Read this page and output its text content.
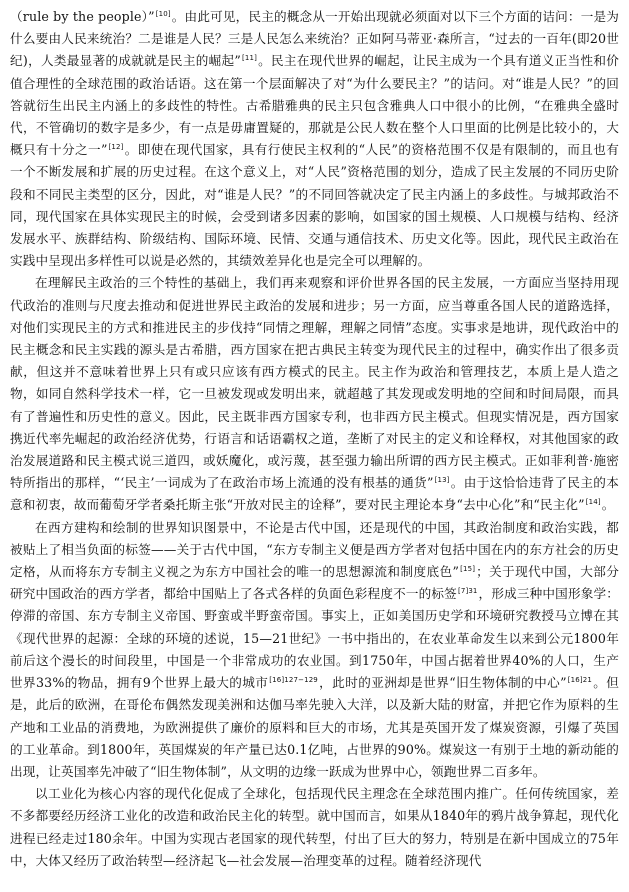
（rule by the people）”[10]。由此可见，民主的概念从一开始出现就必须面对以下三个方面的诘问：一是为什么要由人民来统治？二是谁是人民？三是人民怎么来统治？正如阿马蒂亚·森所言，“过去的一百年(即20世纪)，人类最显著的成就就是民主的崛起”[11]。民主在现代世界的崛起，让民主成为一个具有道义正当性和价值合理性的全球范围的政治话语。这在第一个层面解决了对“为什么要民主？”的诘问。对“谁是人民？”的回答就衍生出民主内涵上的多歧性的特性。古希腊雅典的民主只包含雅典人口中很小的比例，“在雅典全盛时代，不管确切的数字是多少，有一点是毋庸置疑的，那就是公民人数在整个人口里面的比例是比较小的，大概只有十分之一”[12]。即使在现代国家，具有行使民主权利的“人民”的资格范围不仅是有限制的，而且也有一个不断发展和扩展的历史过程。在这个意义上，对“人民”资格范围的划分，造成了民主发展的不同历史阶段和不同民主类型的区分，因此，对“谁是人民？”的不同回答就决定了民主内涵上的多歧性。与城邦政治不同，现代国家在具体实现民主的时候，会受到诸多因素的影响，如国家的国土规模、人口规模与结构、经济发展水平、族群结构、阶级结构、国际环境、民情、交通与通信技术、历史文化等。因此，现代民主政治在实践中呈现出多样性可以说是必然的，其绩效差异化也是完全可以理解的。

在理解民主政治的三个特性的基础上，我们再来观察和评价世界各国的民主发展，一方面应当坚持用现代政治的准则与尺度去推动和促进世界民主政治的发展和进步；另一方面，应当尊重各国人民的道路选择，对他们实现民主的方式和推进民主的步伐持“同情之理解，理解之同情”态度。实事求是地讲，现代政治中的民主概念和民主实践的源头是古希腊，西方国家在把古典民主转变为现代民主的过程中，确实作出了很多贡献，但这并不意味着世界上只有或只应该有西方模式的民主。民主作为政治和管理技艺，本质上是人造之物，如同自然科学技术一样，它一旦被发现或发明出来，就超越了其发现或发明地的空间和时间局限，而具有了普遍性和历史性的意义。因此，民主既非西方国家专利，也非西方民主模式。但现实情况是，西方国家携近代率先崛起的政治经济优势，行语言和话语霸权之道，垄断了对民主的定义和诠释权，对其他国家的政治发展道路和民主模式说三道四，或妖魔化，或污蔑，甚至强力输出所谓的西方民主模式。正如菲利普·施密特所指出的那样，“‘民主’一词成为了在政治市场上流通的没有根基的通货”[13]。由于这恰恰违背了民主的本意和初衷，故而葡萄牙学者桑托斯主张“开放对民主的诠释”，要对民主理论本身“去中心化”和“民主化”[14]。

在西方建构和绘制的世界知识图景中，不论是古代中国，还是现代的中国，其政治制度和政治实践，都被贴上了相当负面的标签——关于古代中国，“东方专制主义便是西方学者对包括中国在内的东方社会的历史定格，从而将东方专制主义视之为东方中国社会的唯一的思想源流和制度底色”[15]；关于现代中国，大部分研究中国政治的西方学者，都给中国贴上了各式各样的负面色彩程度不一的标签$^{[7]31}$，形成三种中国形象学：停滞的帝国、东方专制主义帝国、野蛮或半野蛮帝国。事实上，正如美国历史学和环境研究教授马立博在其《现代世界的起源：全球的环境的述说，15—21世纪》一书中指出的，在农业革命发生以来到公元1800年前后这个漫长的时间段里，中国是一个非常成功的农业国。到1750年，中国占据着世界40%的人口，生产世界33%的物品，拥有9个世界上最大的城市$^{[16]127-129}$，此时的亚洲却是世界“旧生物体制的中心”$^{[16]21}$。但是，此后的欧洲，在哥伦布偶然发现美洲和达伽马率先驶入大洋，以及新大陆的财富，并把它作为原料的生产地和工业品的消费地，为欧洲提供了廉价的原料和巨大的市场，尤其是英国开发了煤炭资源，引爆了英国的工业革命。到1800年，英国煤炭的年产量已达0.1亿吨，占世界的90%。煤炭这一有别于土地的新动能的出现，让英国率先冲破了“旧生物体制”，从文明的边缘一跃成为世界中心，领跑世界二百多年。

以工业化为核心内容的现代化促成了全球化，包括现代民主理念在全球范围内推广。任何传统国家，差不多都要经历经济工业化的改造和政治民主化的转型。就中国而言，如果从1840年的鸦片战争算起，现代化进程已经走过180余年。中国为实现古老国家的现代转型，付出了巨大的努力，特别是在新中国成立的75年中，大体又经历了政治转型—经济起飞—社会发展—治理变革的过程。随着经济现代
